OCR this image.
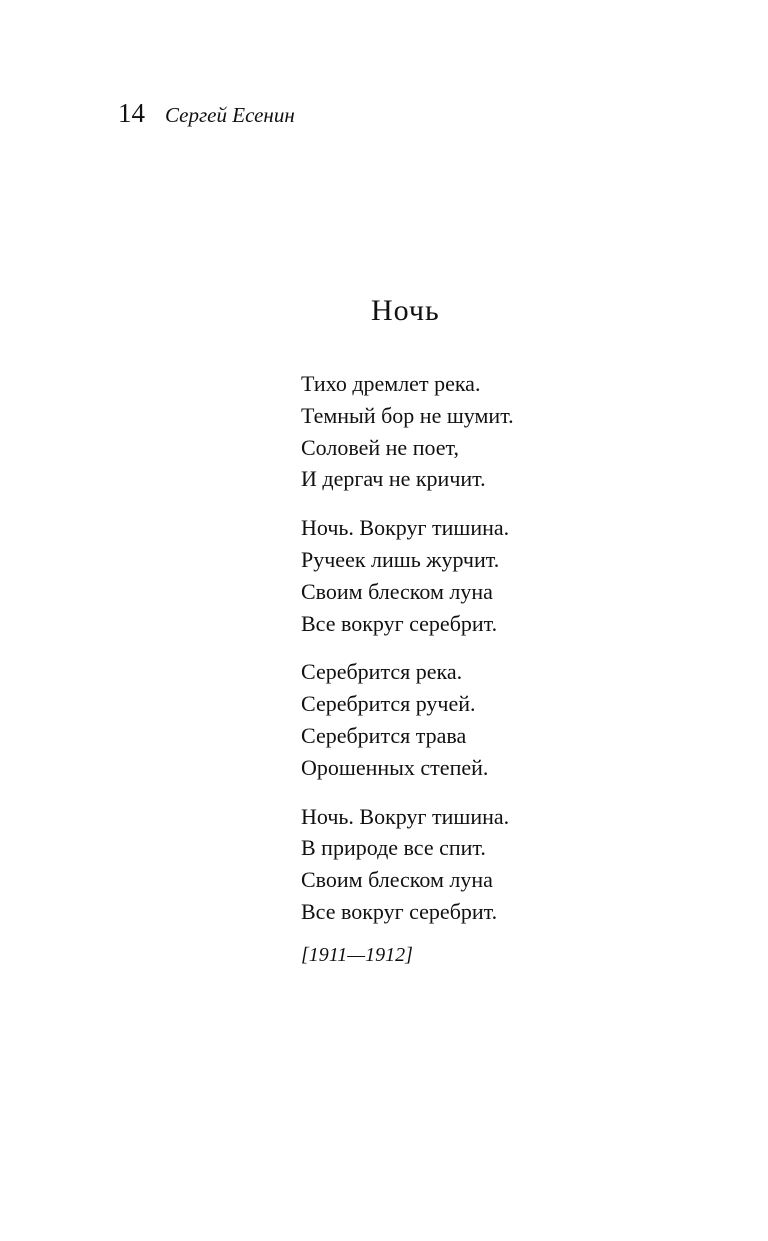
14 Сергей Есенин
Ночь
Тихо дремлет река.
Темный бор не шумит.
Соловей не поет,
И дергач не кричит.
Ночь. Вокруг тишина.
Ручеек лишь журчит.
Своим блеском луна
Все вокруг серебрит.
Серебрится река.
Серебрится ручей.
Серебрится трава
Орошенных степей.
Ночь. Вокруг тишина.
В природе все спит.
Своим блеском луна
Все вокруг серебрит.
[1911—1912]
